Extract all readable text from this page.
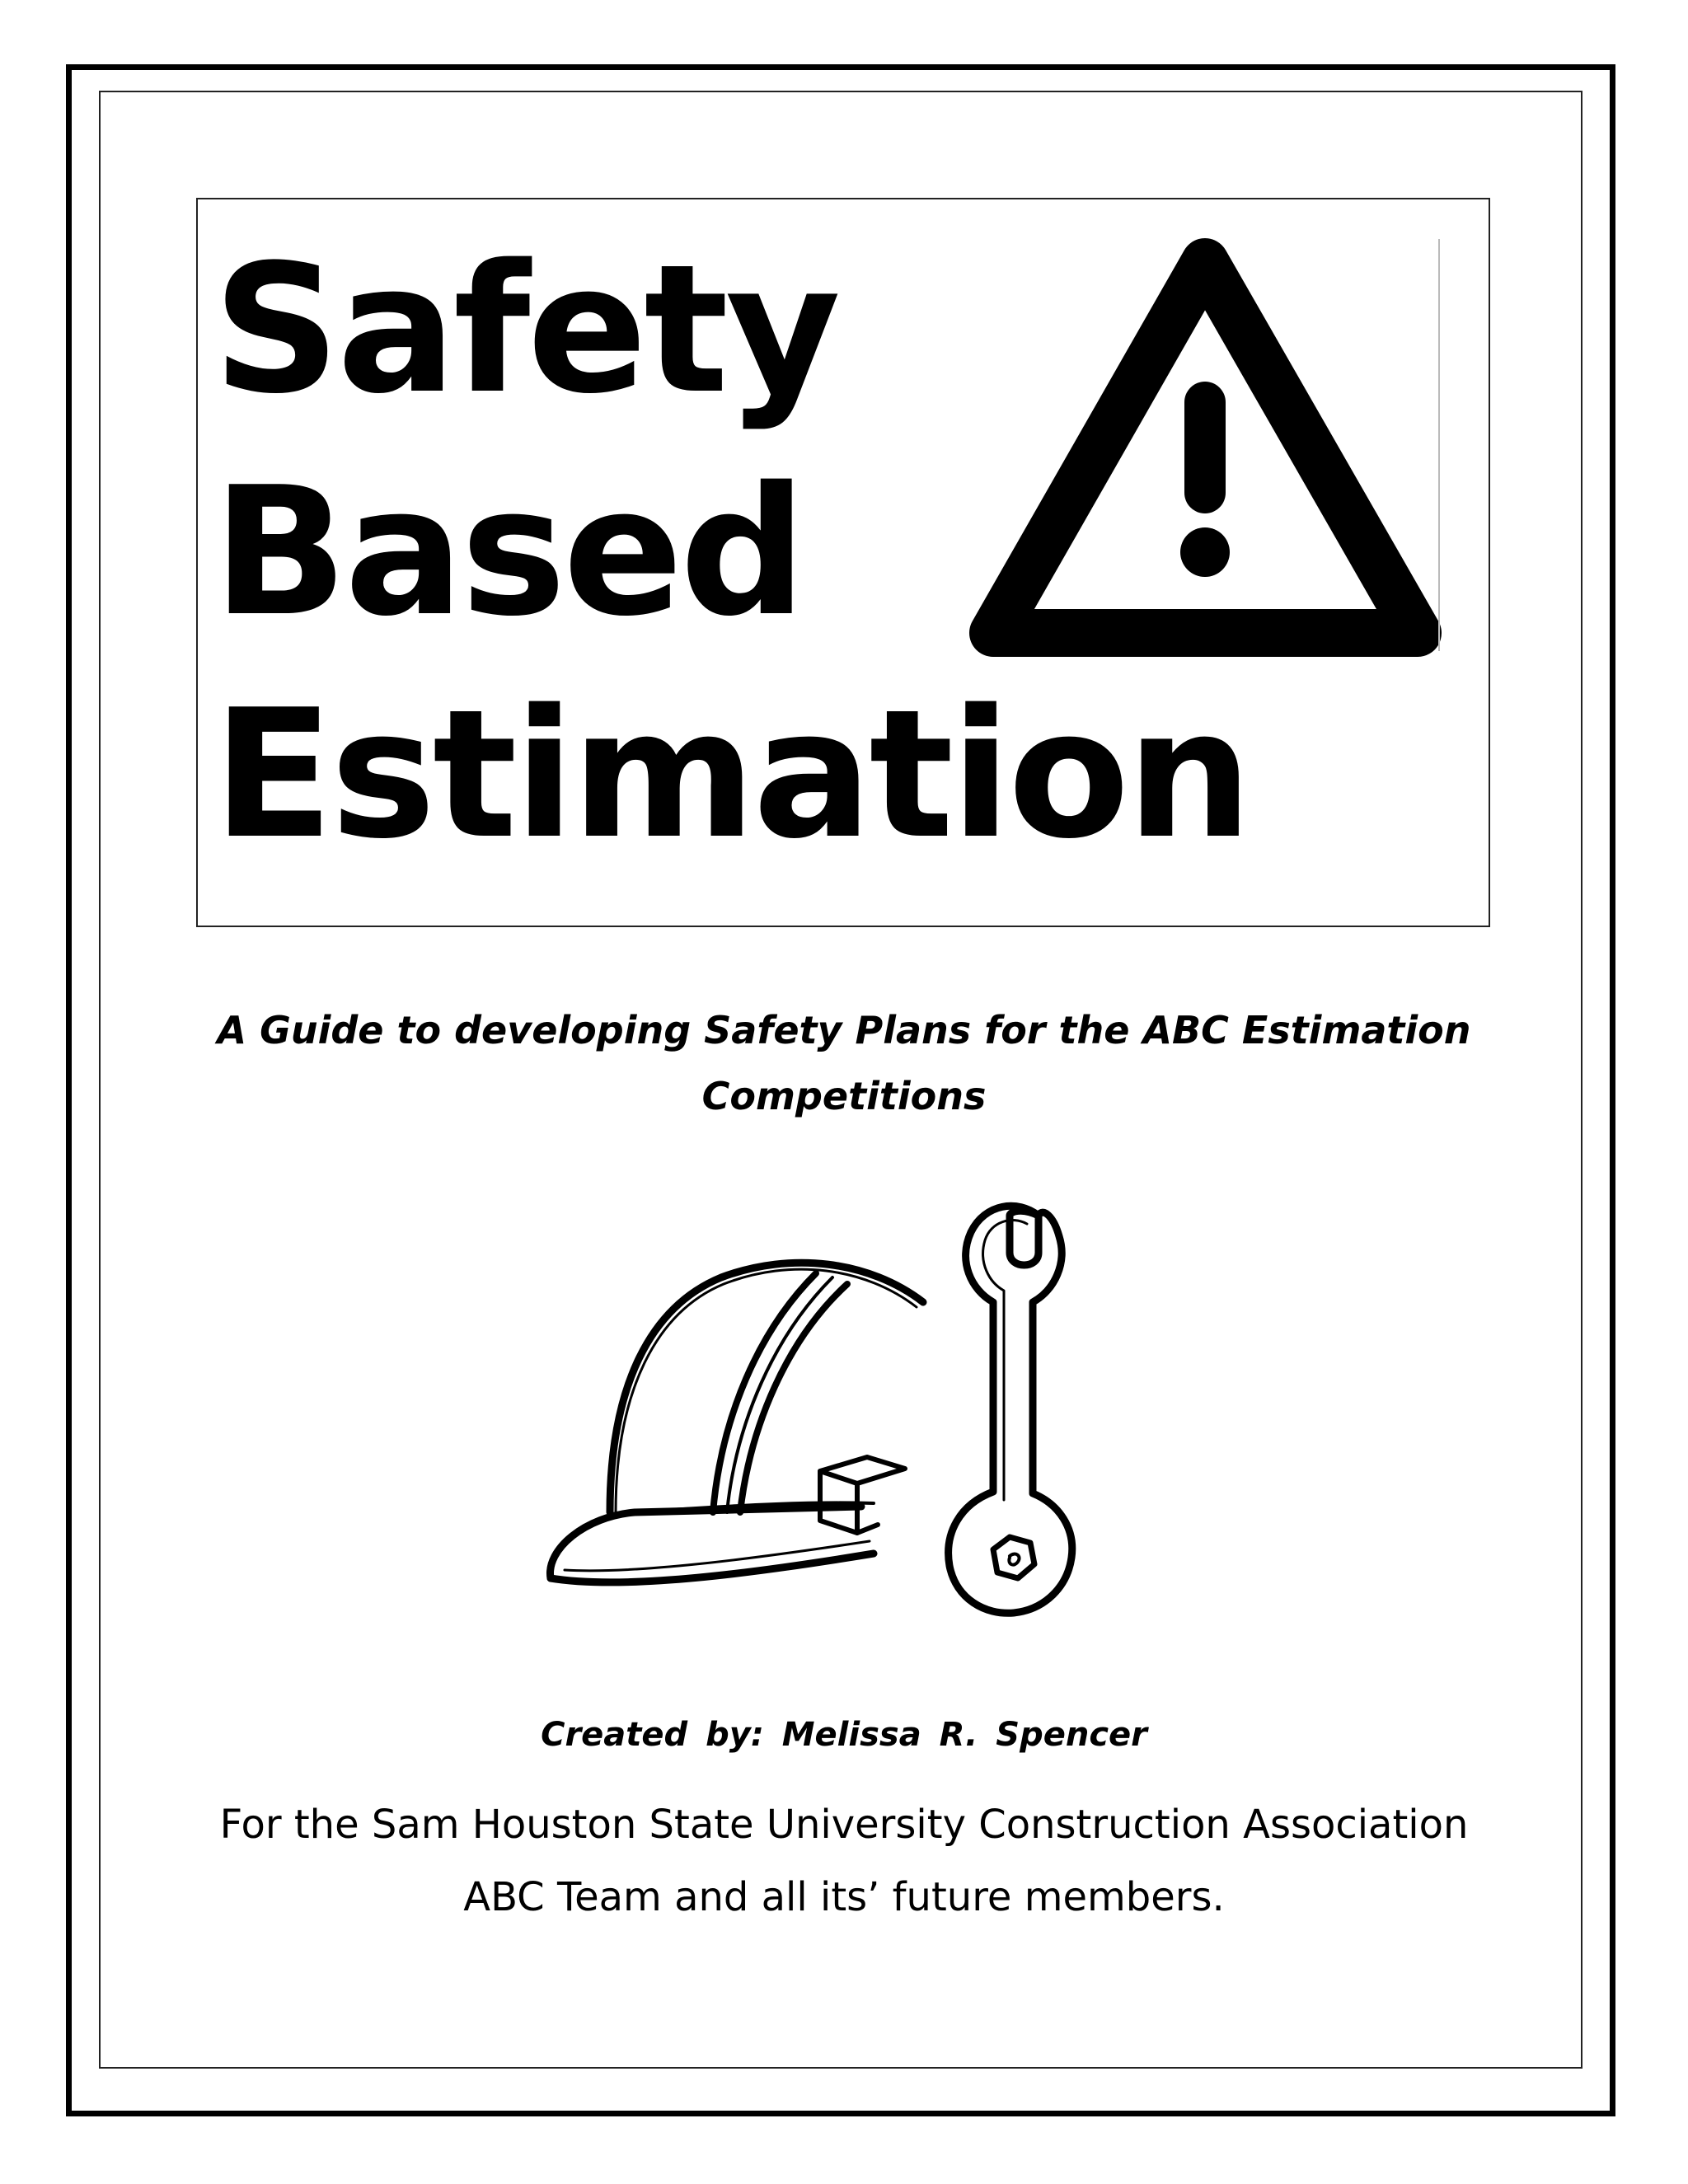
Safety
Based
Estimation

A Guide to developing Safety Plans for the ABC Estimation Competitions

Created by: Melissa R. Spencer

For the Sam Houston State University Construction Association
ABC Team and all its’ future members.
